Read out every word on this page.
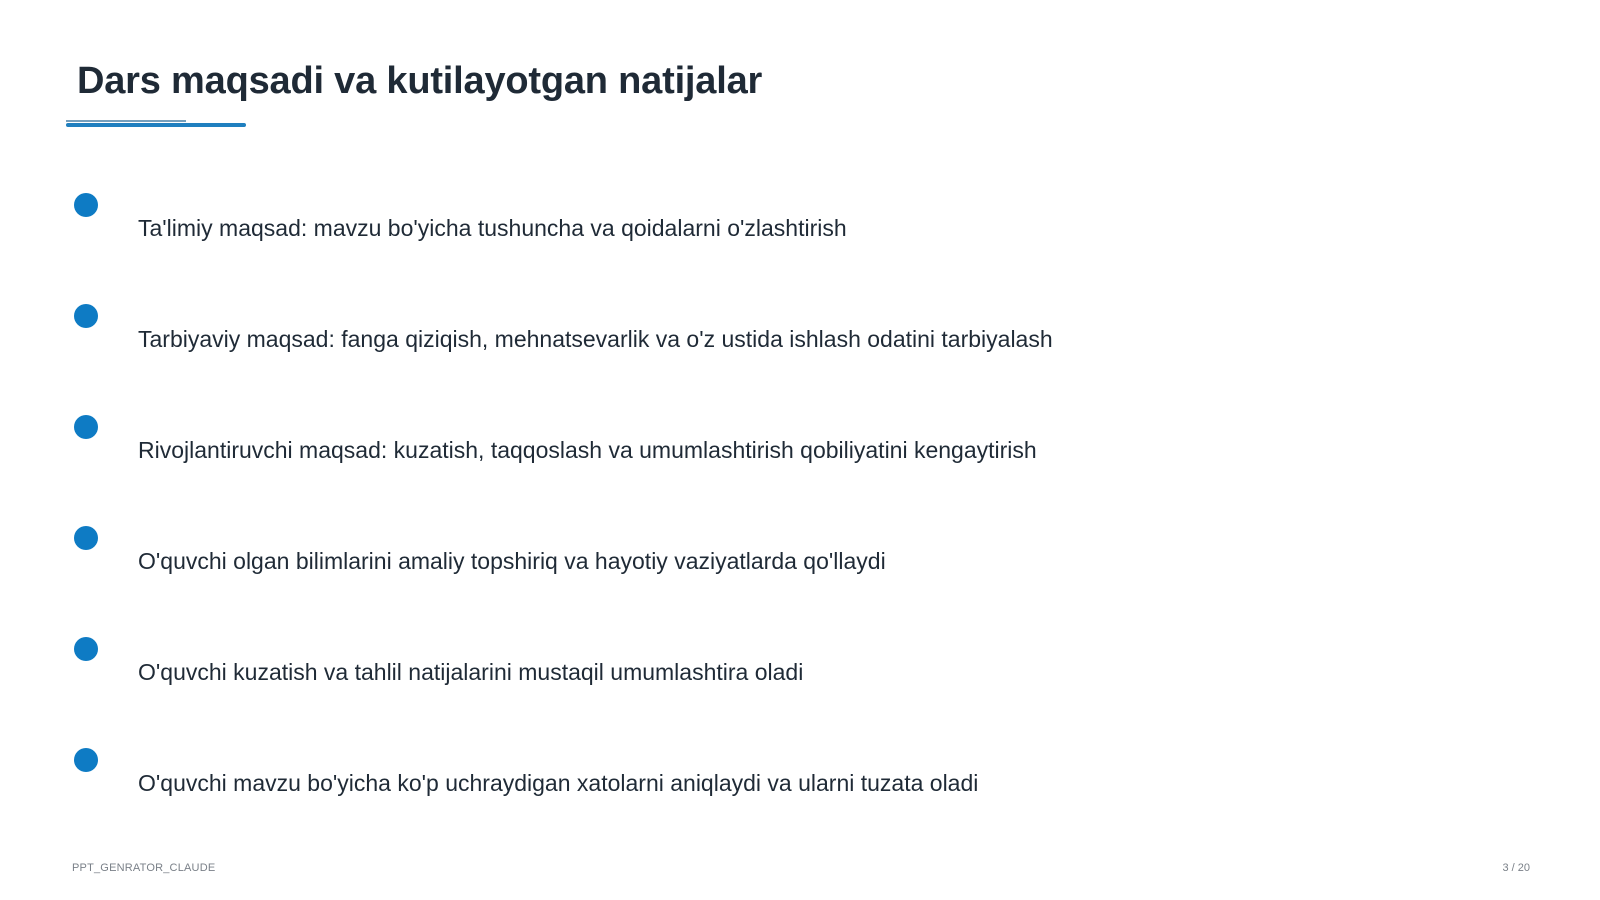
Dars maqsadi va kutilayotgan natijalar
Ta'limiy maqsad: mavzu bo'yicha tushuncha va qoidalarni o'zlashtirish
Tarbiyaviy maqsad: fanga qiziqish, mehnatsevarlik va o'z ustida ishlash odatini tarbiyalash
Rivojlantiruvchi maqsad: kuzatish, taqqoslash va umumlashtirish qobiliyatini kengaytirish
O'quvchi olgan bilimlarini amaliy topshiriq va hayotiy vaziyatlarda qo'llaydi
O'quvchi kuzatish va tahlil natijalarini mustaqil umumlashtira oladi
O'quvchi mavzu bo'yicha ko'p uchraydigan xatolarni aniqlaydi va ularni tuzata oladi
PPT_GENRATOR_CLAUDE	3 / 20
